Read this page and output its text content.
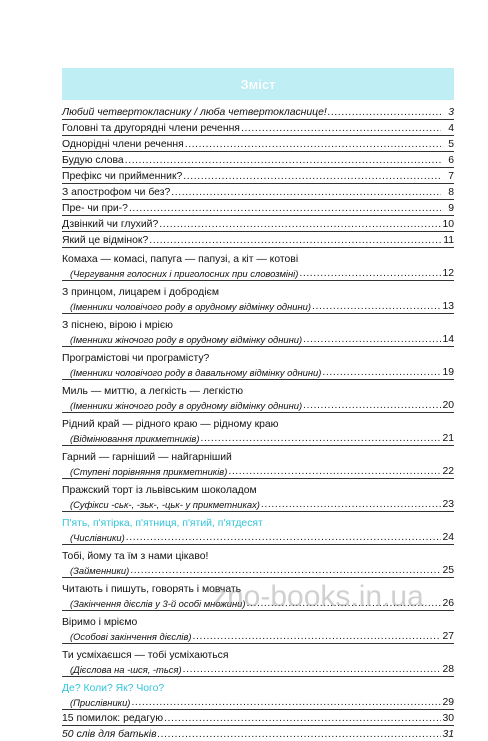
Зміст
Любий четвертокласнику / люба четвертокласнице! .....	3
Головні та другорядні члени речення .....	4
Однорідні члени речення .....	5
Будую слова .....	6
Префікс чи прийменник? .....	7
З апострофом чи без? .....	8
Пре- чи при-? .....	9
Дзвінкий чи глухий? .....	10
Який це відмінок? .....	11
Комаха — комасі, папуга — папузі, а кіт — котові
(Чергування голосних і приголосних при словозміні) .....	12
З принцом, лицарем і добродієм
(Іменники чоловічого роду в орудному відмінку однини) .....	13
З піснею, вірою і мрією
(Іменники жіночого роду в орудному відмінку однини) .....	14
Програмістові чи програмісту?
(Іменники чоловічого роду в давальному відмінку однини) .....	19
Миль — миттю, а легкість — легкістю
(Іменники жіночого роду в орудному відмінку однини) .....	20
Рідний край — рідного краю — рідному краю
(Відмінювання прикметників) .....	21
Гарний — гарніший — найгарніший
(Ступені порівняння прикметників) .....	22
Пражский торт із львівським шоколадом
(Суфікси -ськ-, -зьк-, -цьк- у прикметниках) .....	23
П'ять, п'ятірка, п'ятниця, п'ятий, п'ятдесят
(Числівники) .....	24
Тобі, йому та їм з нами цікаво!
(Займенники) .....	25
Читають і пишуть, говорять і мовчать
(Закінчення дієслів у 3-й особі множини) .....	26
Віримо і мріємо
(Особові закінчення дієслів) .....	27
Ти усміхаєшся — тобі усміхаються
(Дієслова на -шся, -ться) .....	28
Де? Коли? Як? Чого?
(Прислівники) .....	29
15 помилок: редагую .....	30
50 слів для батьків .....	31
zno-books.in.ua
